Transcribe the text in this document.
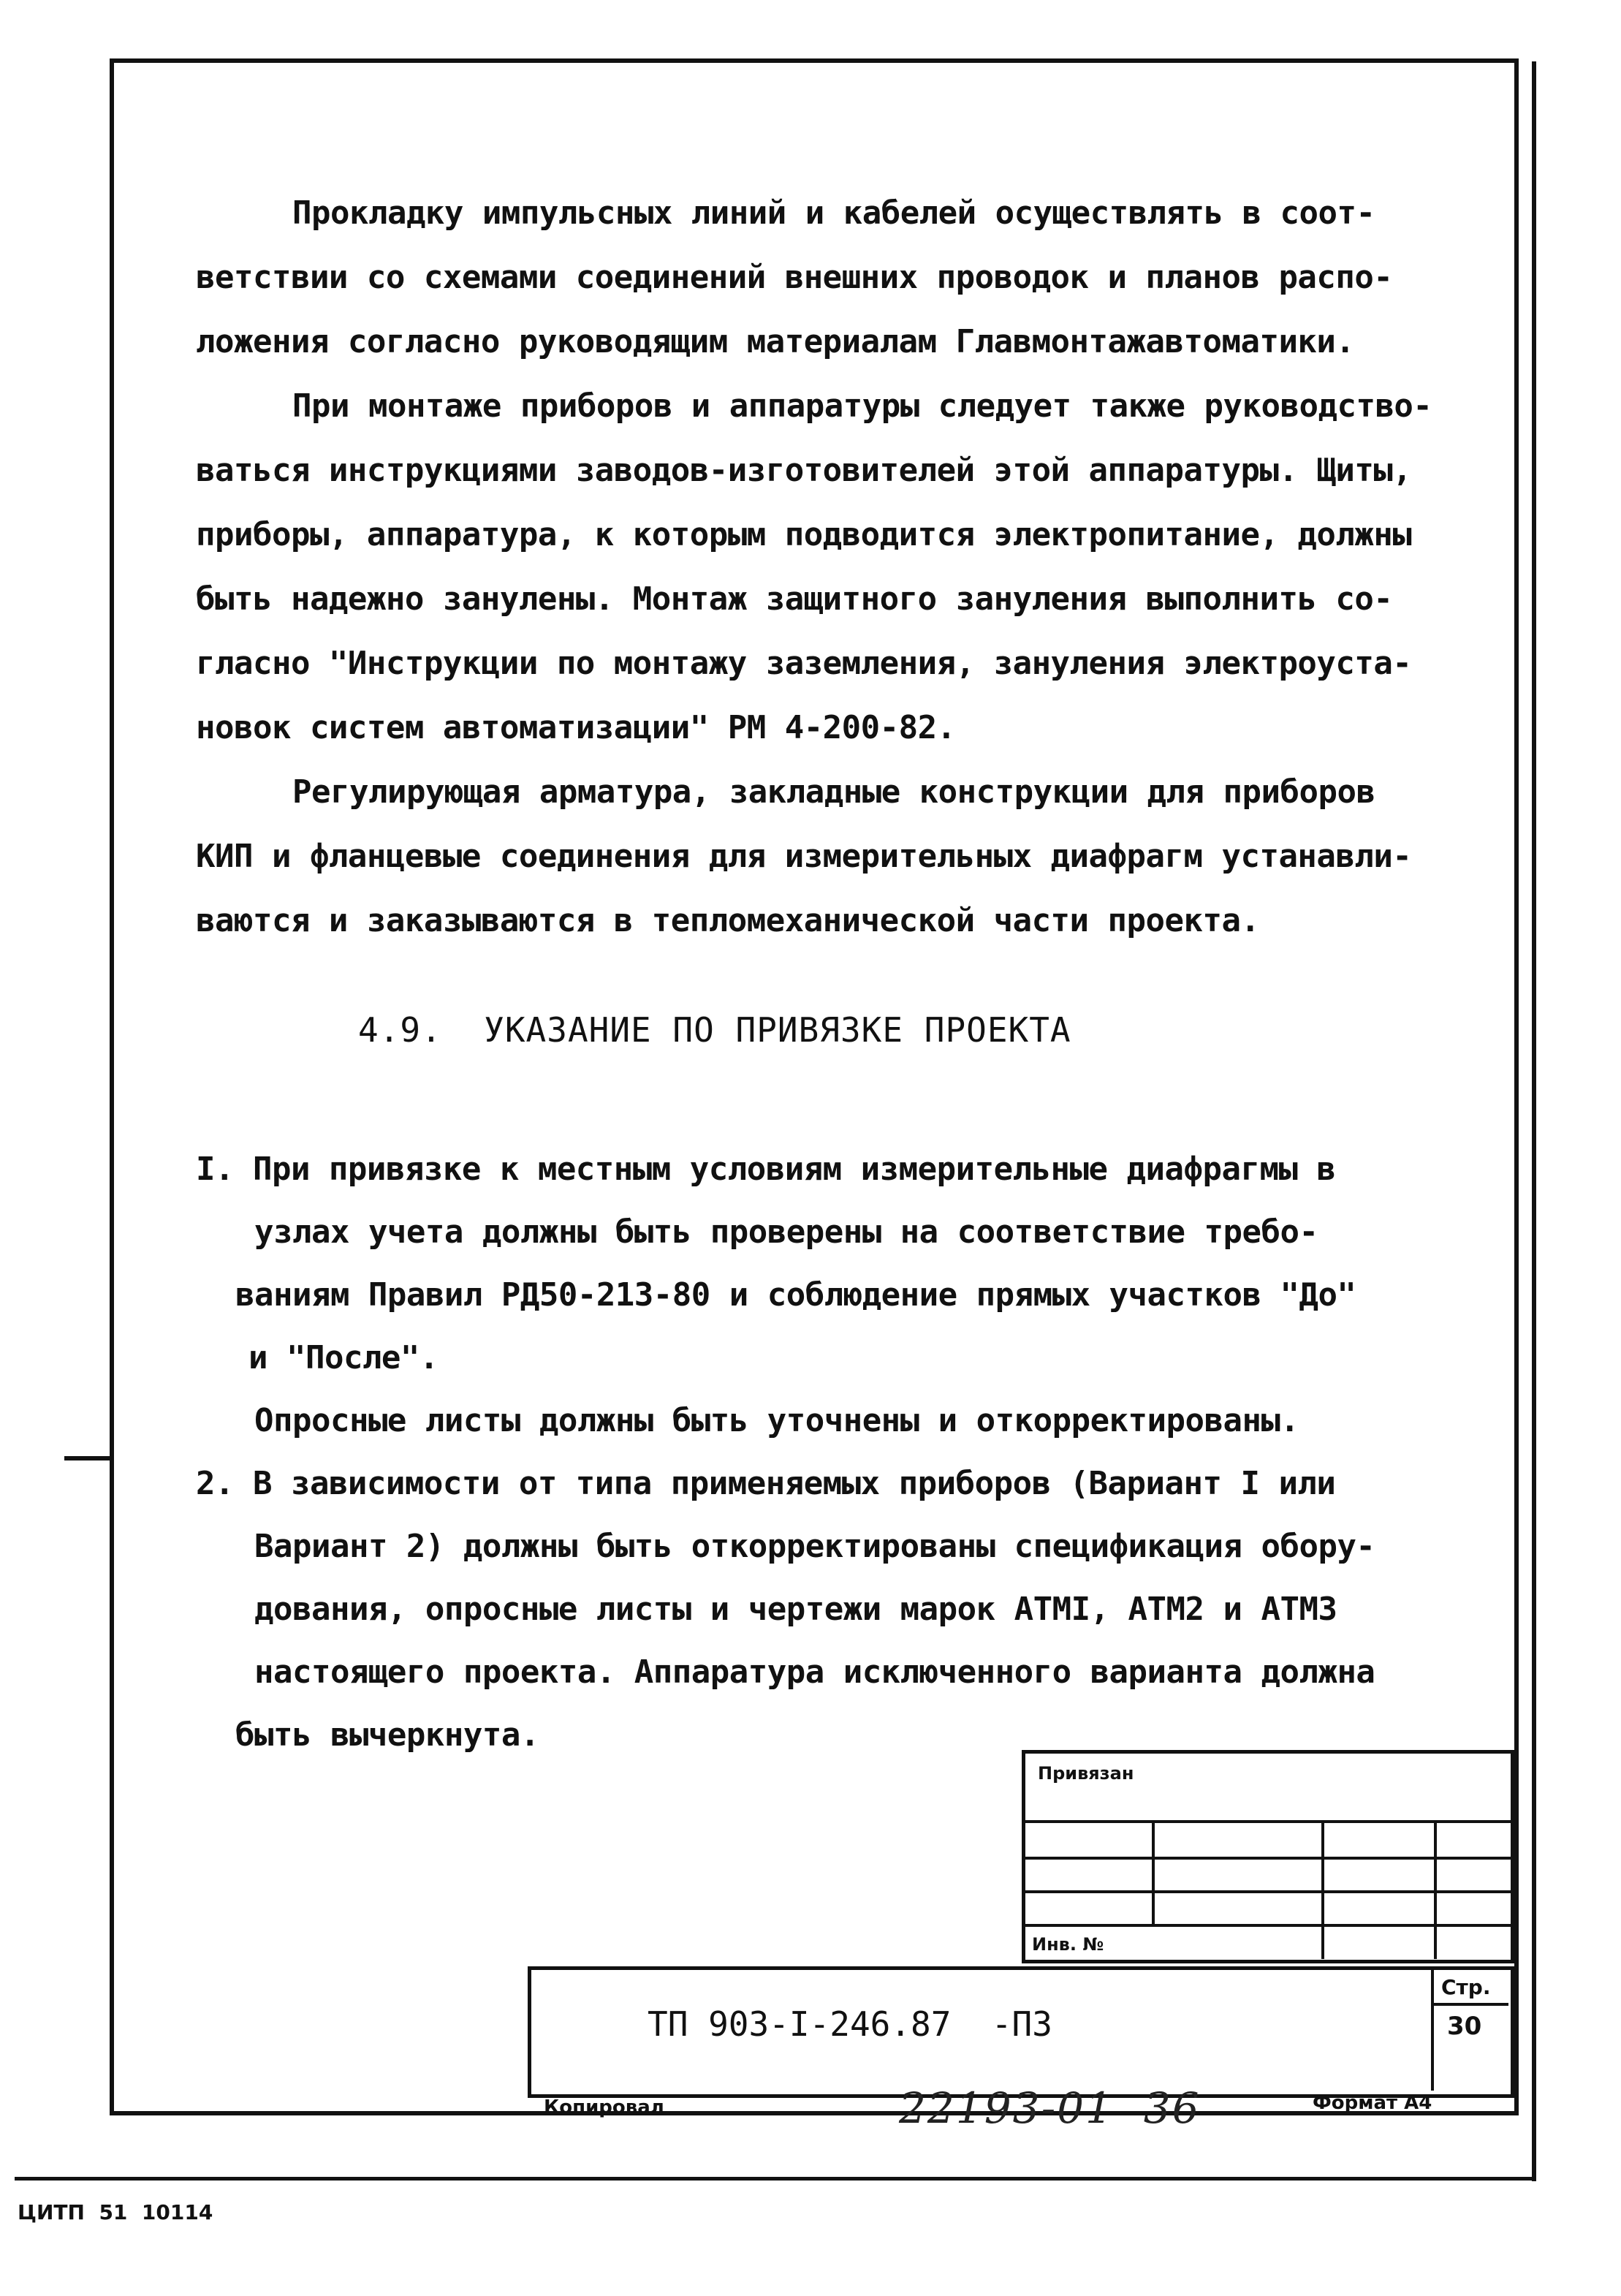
Прокладку импульсных линий и кабелей осуществлять в соот-
ветствии со схемами соединений внешних проводок и планов распо-
ложения согласно руководящим материалам Главмонтажавтоматики.
При монтаже приборов и аппаратуры следует также руководство-
ваться инструкциями заводов-изготовителей этой аппаратуры. Щиты,
приборы, аппаратура, к которым подводится электропитание, должны
быть надежно занулены. Монтаж защитного зануления выполнить со-
гласно "Инструкции по монтажу заземления, зануления электроуста-
новок систем автоматизации" РМ 4-200-82.
Регулирующая арматура, закладные конструкции для приборов
КИП и фланцевые соединения для измерительных диафрагм устанавли-
ваются и заказываются в тепломеханической части проекта.
4.9.  УКАЗАНИЕ ПО ПРИВЯЗКЕ ПРОЕКТА
I. При привязке к местным условиям измерительные диафрагмы в
узлах учета должны быть проверены на соответствие требо-
ваниям Правил РД50-213-80 и соблюдение прямых участков "До"
и "После".
Опросные листы должны быть уточнены и откорректированы.
2. В зависимости от типа применяемых приборов (Вариант I или
Вариант 2) должны быть откорректированы спецификация обору-
дования, опросные листы и чертежи марок АТМI, АТМ2 и АТМ3
настоящего проекта. Аппаратура исключенного варианта должна
быть вычеркнута.
Привязан
Инв. №
ТП 903-I-246.87  -ПЗ
Стр.
30
Копировал	22193-01  36	Формат А4
ЦИТП  51  10114
